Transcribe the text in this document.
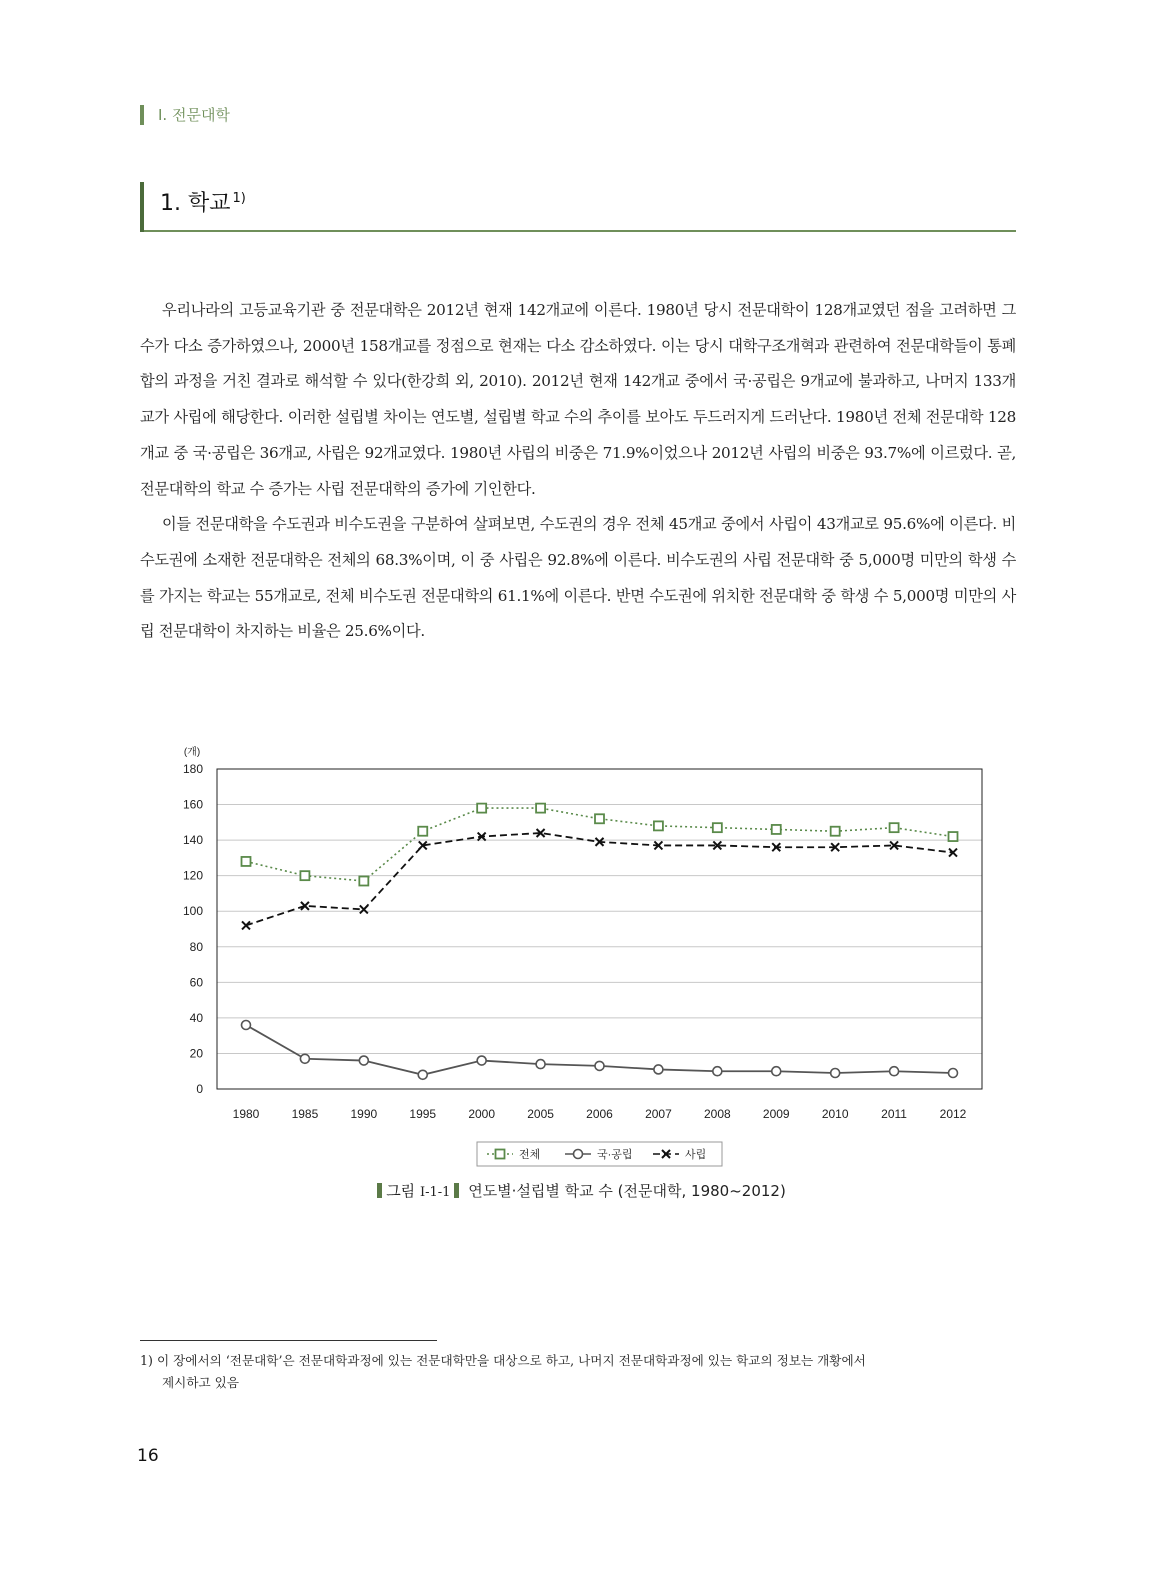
Ⅰ. 전문대학
1. 학교 $^{1)}$

우리나라의 고등교육기관 중 전문대학은 2012년 현재 142개교에 이른다. 1980년 당시 전문대학이 128개교였던 점을 고려하면 그 수가 다소 증가하였으나, 2000년 158개교를 정점으로 현재는 다소 감소하였다. 이는 당시 대학구조개혁과 관련하여 전문대학들이 통폐합의 과정을 거친 결과로 해석할 수 있다(한강희 외, 2010). 2012년 현재 142개교 중에서 국·공립은 9개교에 불과하고, 나머지 133개교가 사립에 해당한다. 이러한 설립별 차이는 연도별, 설립별 학교 수의 추이를 보아도 두드러지게 드러난다. 1980년 전체 전문대학 128개교 중 국·공립은 36개교, 사립은 92개교였다. 1980년 사립의 비중은 71.9%이었으나 2012년 사립의 비중은 93.7%에 이르렀다. 곧, 전문대학의 학교 수 증가는 사립 전문대학의 증가에 기인한다.

이들 전문대학을 수도권과 비수도권을 구분하여 살펴보면, 수도권의 경우 전체 45개교 중에서 사립이 43개교로 95.6%에 이른다. 비수도권에 소재한 전문대학은 전체의 68.3%이며, 이 중 사립은 92.8%에 이른다. 비수도권의 사립 전문대학 중 5,000명 미만의 학생 수를 가지는 학교는 55개교로, 전체 비수도권 전문대학의 61.1%에 이른다. 반면 수도권에 위치한 전문대학 중 학생 수 5,000명 미만의 사립 전문대학이 차지하는 비율은 25.6%이다.

0
20
40
60
80
100
120
140
160
180
(개)
1980	1985	1990	1995	2000	2005	2006	2007	2008	2009	2010	2011	2012
전체	국·공립	사립
그림 Ⅰ-1-1 연도별·설립별 학교 수 (전문대학, 1980~2012)
1) 이 장에서의 ‘전문대학’은 전문대학과정에 있는 전문대학만을 대상으로 하고, 나머지 전문대학과정에 있는 학교의 정보는 개황에서
제시하고 있음
16
